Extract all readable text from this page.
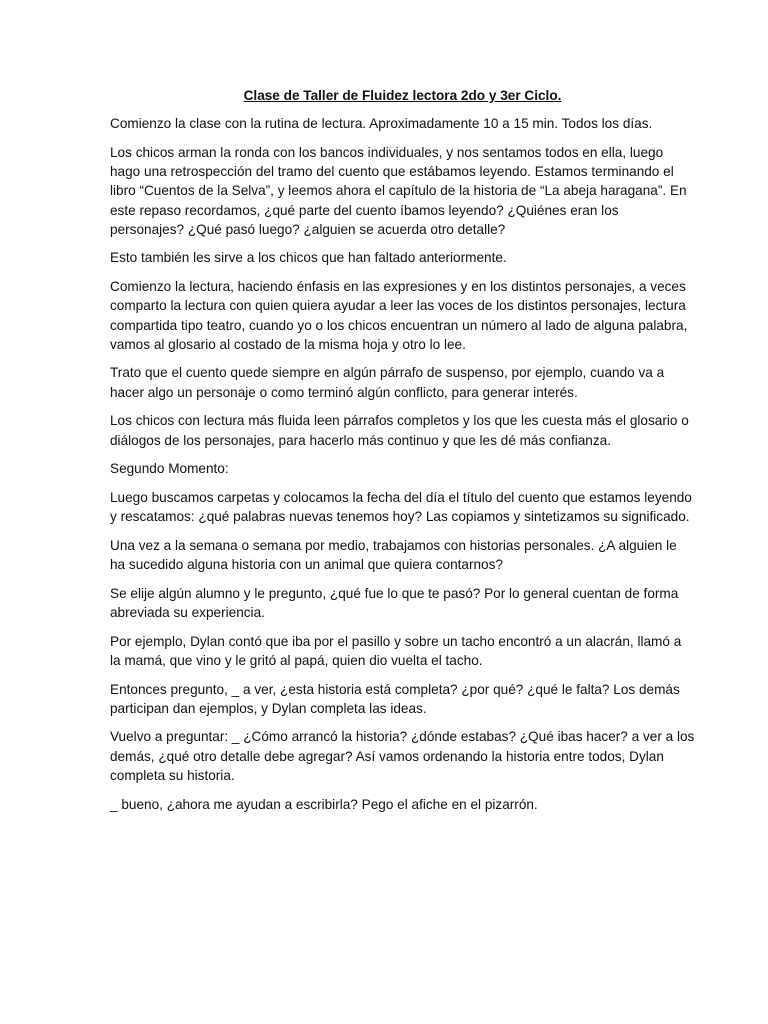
Clase de Taller de Fluidez lectora 2do y 3er Ciclo.

Comienzo la clase con la rutina de lectura. Aproximadamente 10 a 15 min. Todos los días.

Los chicos arman la ronda con los bancos individuales, y nos sentamos todos en ella, luego hago una retrospección del tramo del cuento que estábamos leyendo. Estamos terminando el libro “Cuentos de la Selva”, y leemos ahora el capítulo de la historia de “La abeja haragana”. En este repaso recordamos, ¿qué parte del cuento íbamos leyendo? ¿Quiénes eran los personajes? ¿Qué pasó luego? ¿alguien se acuerda otro detalle?

Esto también les sirve a los chicos que han faltado anteriormente.

Comienzo la lectura, haciendo énfasis en las expresiones y en los distintos personajes, a veces comparto la lectura con quien quiera ayudar a leer las voces de los distintos personajes, lectura compartida tipo teatro, cuando yo o los chicos encuentran un número al lado de alguna palabra, vamos al glosario al costado de la misma hoja y otro lo lee.

Trato que el cuento quede siempre en algún párrafo de suspenso, por ejemplo, cuando va a hacer algo un personaje o como terminó algún conflicto, para generar interés.

Los chicos con lectura más fluida leen párrafos completos y los que les cuesta más el glosario o diálogos de los personajes, para hacerlo más continuo y que les dé más confianza.

Segundo Momento:

Luego buscamos carpetas y colocamos la fecha del día el título del cuento que estamos leyendo y rescatamos: ¿qué palabras nuevas tenemos hoy? Las copiamos y sintetizamos su significado.

Una vez a la semana o semana por medio, trabajamos con historias personales. ¿A alguien le ha sucedido alguna historia con un animal que quiera contarnos?

Se elije algún alumno y le pregunto, ¿qué fue lo que te pasó? Por lo general cuentan de forma abreviada su experiencia.

Por ejemplo, Dylan contó que iba por el pasillo y sobre un tacho encontró a un alacrán, llamó a la mamá, que vino y le gritó al papá, quien dio vuelta el tacho.

Entonces pregunto, _ a ver, ¿esta historia está completa? ¿por qué? ¿qué le falta? Los demás participan dan ejemplos, y Dylan completa las ideas.

Vuelvo a preguntar: _ ¿Cómo arrancó la historia? ¿dónde estabas? ¿Qué ibas hacer? a ver a los demás, ¿qué otro detalle debe agregar? Así vamos ordenando la historia entre todos, Dylan completa su historia.

_ bueno, ¿ahora me ayudan a escribirla? Pego el afiche en el pizarrón.
